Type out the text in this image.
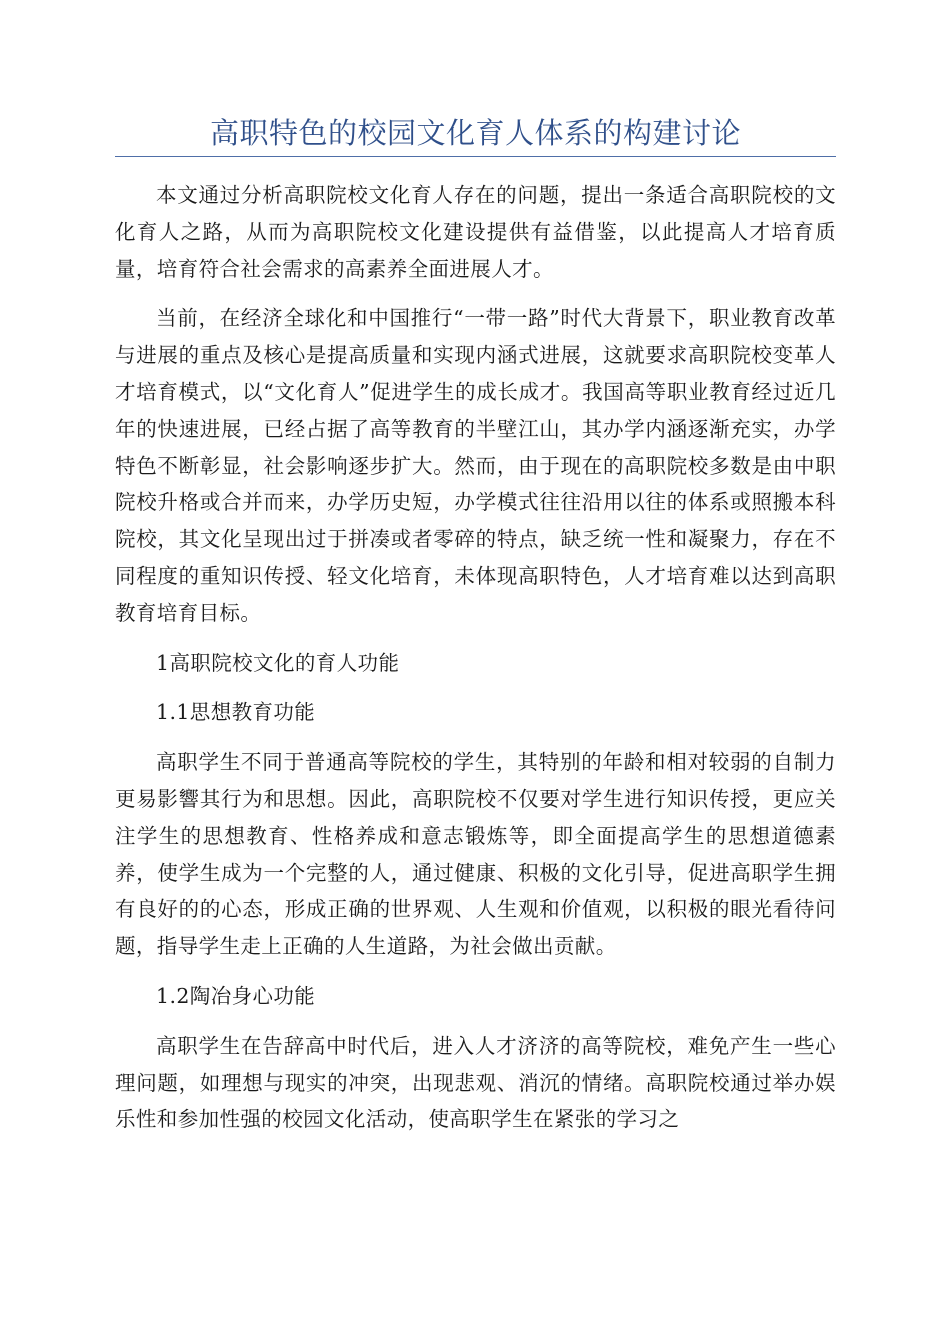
高职特色的校园文化育人体系的构建讨论

本文通过分析高职院校文化育人存在的问题，提出一条适合高职院校的文化育人之路，从而为高职院校文化建设提供有益借鉴，以此提高人才培育质量，培育符合社会需求的高素养全面进展人才。

当前，在经济全球化和中国推行“一带一路”时代大背景下，职业教育改革与进展的重点及核心是提高质量和实现内涵式进展，这就要求高职院校变革人才培育模式，以“文化育人”促进学生的成长成才。我国高等职业教育经过近几年的快速进展，已经占据了高等教育的半壁江山，其办学内涵逐渐充实，办学特色不断彰显，社会影响逐步扩大。然而，由于现在的高职院校多数是由中职院校升格或合并而来，办学历史短，办学模式往往沿用以往的体系或照搬本科院校，其文化呈现出过于拼凑或者零碎的特点，缺乏统一性和凝聚力，存在不同程度的重知识传授、轻文化培育，未体现高职特色，人才培育难以达到高职教育培育目标。

1高职院校文化的育人功能

1.1思想教育功能

高职学生不同于普通高等院校的学生，其特别的年龄和相对较弱的自制力更易影響其行为和思想。因此，高职院校不仅要对学生进行知识传授，更应关注学生的思想教育、性格养成和意志锻炼等，即全面提高学生的思想道德素养，使学生成为一个完整的人，通过健康、积极的文化引导，促进高职学生拥有良好的的心态，形成正确的世界观、人生观和价值观，以积极的眼光看待问题，指导学生走上正确的人生道路，为社会做出贡献。

1.2陶冶身心功能

高职学生在告辞高中时代后，进入人才济济的高等院校，难免产生一些心理问题，如理想与现实的冲突，出现悲观、消沉的情绪。高职院校通过举办娱乐性和参加性强的校园文化活动，使高职学生在紧张的学习之
